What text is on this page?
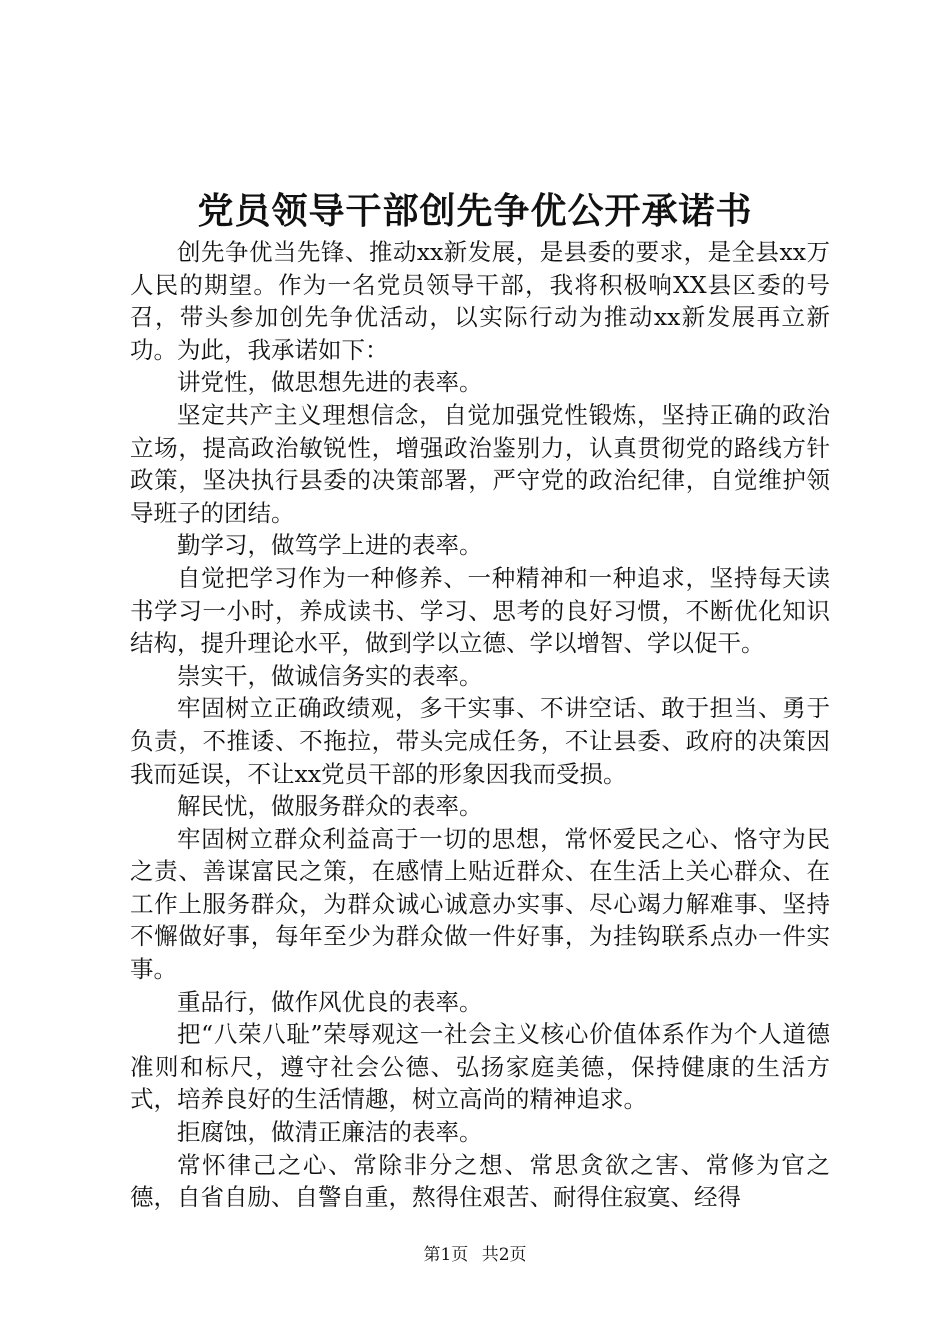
党员领导干部创先争优公开承诺书

创先争优当先锋、推动xx新发展，是县委的要求，是全县xx万人民的期望。作为一名党员领导干部，我将积极响XX县区委的号召，带头参加创先争优活动，以实际行动为推动xx新发展再立新功。为此，我承诺如下：

讲党性，做思想先进的表率。

坚定共产主义理想信念，自觉加强党性锻炼，坚持正确的政治立场，提高政治敏锐性，增强政治鉴别力，认真贯彻党的路线方针政策，坚决执行县委的决策部署，严守党的政治纪律，自觉维护领导班子的团结。

勤学习，做笃学上进的表率。

自觉把学习作为一种修养、一种精神和一种追求，坚持每天读书学习一小时，养成读书、学习、思考的良好习惯，不断优化知识结构，提升理论水平，做到学以立德、学以增智、学以促干。

崇实干，做诚信务实的表率。

牢固树立正确政绩观，多干实事、不讲空话、敢于担当、勇于负责，不推诿、不拖拉，带头完成任务，不让县委、政府的决策因我而延误，不让xx党员干部的形象因我而受损。

解民忧，做服务群众的表率。

牢固树立群众利益高于一切的思想，常怀爱民之心、恪守为民之责、善谋富民之策，在感情上贴近群众、在生活上关心群众、在工作上服务群众，为群众诚心诚意办实事、尽心竭力解难事、坚持不懈做好事，每年至少为群众做一件好事，为挂钩联系点办一件实事。

重品行，做作风优良的表率。

把“八荣八耻”荣辱观这一社会主义核心价值体系作为个人道德准则和标尺，遵守社会公德、弘扬家庭美德，保持健康的生活方式，培养良好的生活情趣，树立高尚的精神追求。

拒腐蚀，做清正廉洁的表率。

常怀律己之心、常除非分之想、常思贪欲之害、常修为官之德，自省自励、自警自重，熬得住艰苦、耐得住寂寞、经得

第1页 共2页
